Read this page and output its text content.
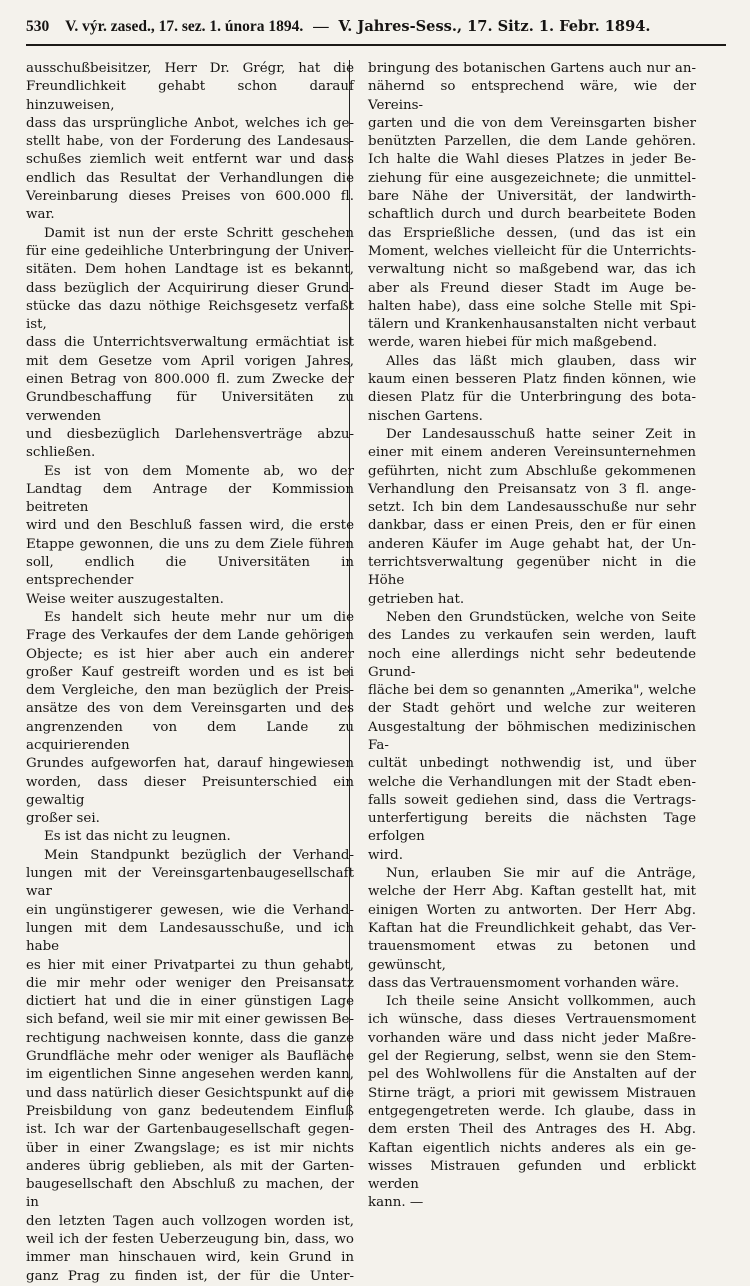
530 V. výr. zased., 17. sez. 1. února 1894. — V. Jahres-Sess., 17. Sitz. 1. Febr. 1894.

ausschußbeisitzer, Herr Dr. Grégr, hat die

Freundlichkeit gehabt schon darauf hinzuweisen,

dass das ursprüngliche Anbot, welches ich ge-

stellt habe, von der Forderung des Landesaus-

schußes ziemlich weit entfernt war und dass

endlich das Resultat der Verhandlungen die

Vereinbarung dieses Preises von 600.000 fl. war.

Damit ist nun der erste Schritt geschehen

für eine gedeihliche Unterbringung der Univer-

sitäten. Dem hohen Landtage ist es bekannt,

dass bezüglich der Acquirirung dieser Grund-

stücke das dazu nöthige Reichsgesetz verfaßt ist,

dass die Unterrichtsverwaltung ermächtiat ist

mit dem Gesetze vom April vorigen Jahres,

einen Betrag von 800.000 fl. zum Zwecke der

Grundbeschaffung für Universitäten zu verwenden

und diesbezüglich Darlehensverträge abzu-

schließen.

Es ist von dem Momente ab, wo der

Landtag dem Antrage der Kommission beitreten

wird und den Beschluß fassen wird, die erste

Etappe gewonnen, die uns zu dem Ziele führen

soll, endlich die Universitäten in entsprechender

Weise weiter auszugestalten.

Es handelt sich heute mehr nur um die

Frage des Verkaufes der dem Lande gehörigen

Objecte; es ist hier aber auch ein anderer

großer Kauf gestreift worden und es ist bei

dem Vergleiche, den man bezüglich der Preis-

ansätze des von dem Vereinsgarten und des

angrenzenden von dem Lande zu acquirierenden

Grundes aufgeworfen hat, darauf hingewiesen

worden, dass dieser Preisunterschied ein gewaltig

großer sei.

Es ist das nicht zu leugnen.

Mein Standpunkt bezüglich der Verhand-

lungen mit der Vereinsgartenbaugesellschaft war

ein ungünstigerer gewesen, wie die Verhand-

lungen mit dem Landesausschuße, und ich habe

es hier mit einer Privatpartei zu thun gehabt,

die mir mehr oder weniger den Preisansatz

dictiert hat und die in einer günstigen Lage

sich befand, weil sie mir mit einer gewissen Be-

rechtigung nachweisen konnte, dass die ganze

Grundfläche mehr oder weniger als Baufläche

im eigentlichen Sinne angesehen werden kann,

und dass natürlich dieser Gesichtspunkt auf die

Preisbildung von ganz bedeutendem Einfluß

ist. Ich war der Gartenbaugesellschaft gegen-

über in einer Zwangslage; es ist mir nichts

anderes übrig geblieben, als mit der Garten-

baugesellschaft den Abschluß zu machen, der in

den letzten Tagen auch vollzogen worden ist,

weil ich der festen Ueberzeugung bin, dass, wo

immer man hinschauen wird, kein Grund in

ganz Prag zu finden ist, der für die Unter-

bringung des botanischen Gartens auch nur an-

nähernd so entsprechend wäre, wie der Vereins-

garten und die von dem Vereinsgarten bisher

benützten Parzellen, die dem Lande gehören.

Ich halte die Wahl dieses Platzes in jeder Be-

ziehung für eine ausgezeichnete; die unmittel-

bare Nähe der Universität, der landwirth-

schaftlich durch und durch bearbeitete Boden

das Ersprießliche dessen, (und das ist ein

Moment, welches vielleicht für die Unterrichts-

verwaltung nicht so maßgebend war, das ich

aber als Freund dieser Stadt im Auge be-

halten habe), dass eine solche Stelle mit Spi-

tälern und Krankenhausanstalten nicht verbaut

werde, waren hiebei für mich maßgebend.

Alles das läßt mich glauben, dass wir

kaum einen besseren Platz finden können, wie

diesen Platz für die Unterbringung des bota-

nischen Gartens.

Der Landesausschuß hatte seiner Zeit in

einer mit einem anderen Vereinsunternehmen

geführten, nicht zum Abschluße gekommenen

Verhandlung den Preisansatz von 3 fl. ange-

setzt. Ich bin dem Landesausschuße nur sehr

dankbar, dass er einen Preis, den er für einen

anderen Käufer im Auge gehabt hat, der Un-

terrichtsverwaltung gegenüber nicht in die Höhe

getrieben hat.

Neben den Grundstücken, welche von Seite

des Landes zu verkaufen sein werden, lauft

noch eine allerdings nicht sehr bedeutende Grund-

fläche bei dem so genannten „Amerika", welche

der Stadt gehört und welche zur weiteren

Ausgestaltung der böhmischen medizinischen Fa-

cultät unbedingt nothwendig ist, und über

welche die Verhandlungen mit der Stadt eben-

falls soweit gediehen sind, dass die Vertrags-

unterfertigung bereits die nächsten Tage erfolgen

wird.

Nun, erlauben Sie mir auf die Anträge,

welche der Herr Abg. Kaftan gestellt hat, mit

einigen Worten zu antworten. Der Herr Abg.

Kaftan hat die Freundlichkeit gehabt, das Ver-

trauensmoment etwas zu betonen und gewünscht,

dass das Vertrauensmoment vorhanden wäre.

Ich theile seine Ansicht vollkommen, auch

ich wünsche, dass dieses Vertrauensmoment

vorhanden wäre und dass nicht jeder Maßre-

gel der Regierung, selbst, wenn sie den Stem-

pel des Wohlwollens für die Anstalten auf der

Stirne trägt, a priori mit gewissem Mistrauen

entgegengetreten werde. Ich glaube, dass in

dem ersten Theil des Antrages des H. Abg.

Kaftan eigentlich nichts anderes als ein ge-

wisses Mistrauen gefunden und erblickt werden

kann. —
